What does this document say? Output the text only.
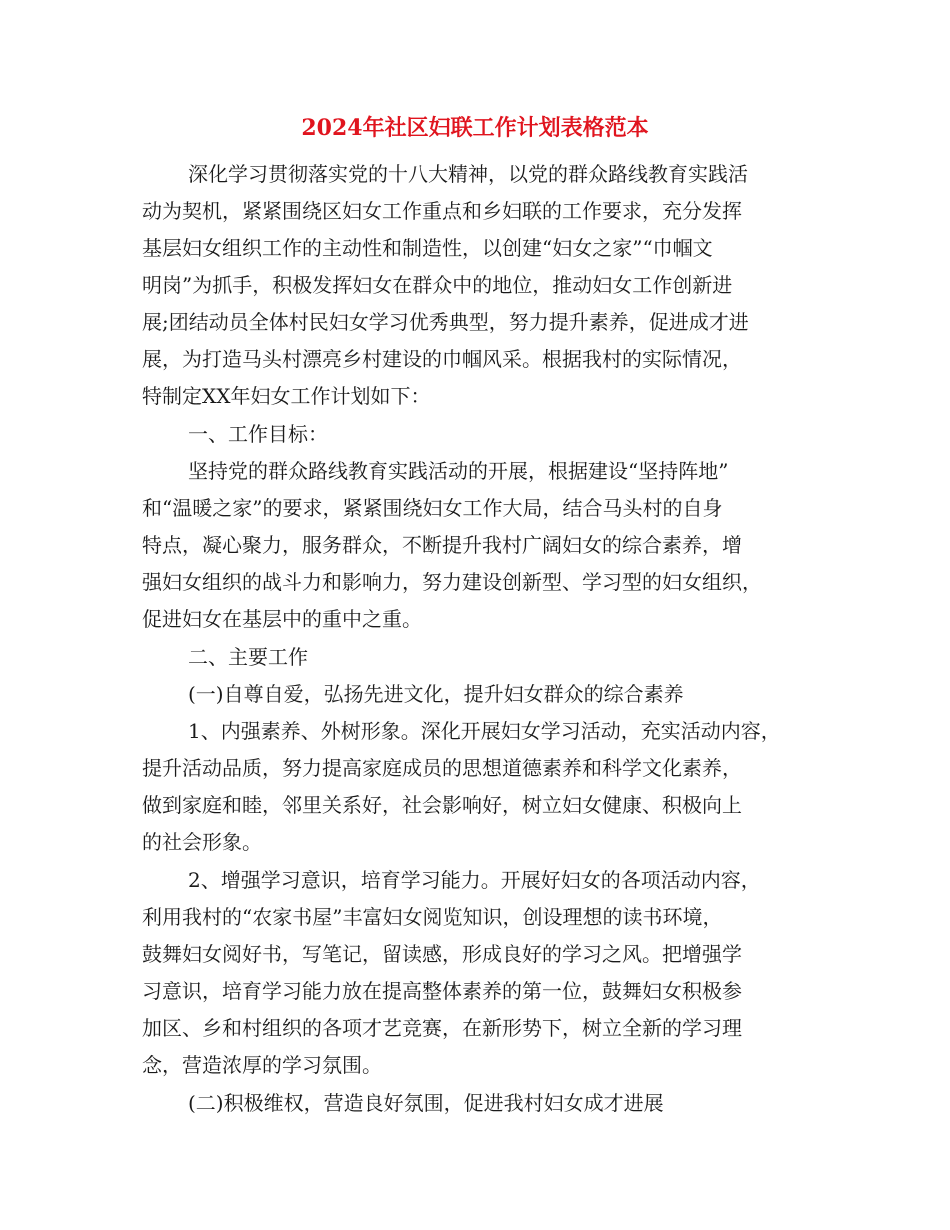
2024年社区妇联工作计划表格范本
深化学习贯彻落实党的十八大精神，以党的群众路线教育实践活
动为契机，紧紧围绕区妇女工作重点和乡妇联的工作要求，充分发挥
基层妇女组织工作的主动性和制造性，以创建“妇女之家”“巾帼文
明岗”为抓手，积极发挥妇女在群众中的地位，推动妇女工作创新进
展;团结动员全体村民妇女学习优秀典型，努力提升素养，促进成才进
展，为打造马头村漂亮乡村建设的巾帼风采。根据我村的实际情况，
特制定XX年妇女工作计划如下：
一、工作目标：
坚持党的群众路线教育实践活动的开展，根据建设“坚持阵地”
和“温暖之家”的要求，紧紧围绕妇女工作大局，结合马头村的自身
特点，凝心聚力，服务群众，不断提升我村广阔妇女的综合素养，增
强妇女组织的战斗力和影响力，努力建设创新型、学习型的妇女组织，
促进妇女在基层中的重中之重。
二、主要工作
(一)自尊自爱，弘扬先进文化，提升妇女群众的综合素养
1、内强素养、外树形象。深化开展妇女学习活动，充实活动内容，
提升活动品质，努力提高家庭成员的思想道德素养和科学文化素养，
做到家庭和睦，邻里关系好，社会影响好，树立妇女健康、积极向上
的社会形象。
2、增强学习意识，培育学习能力。开展好妇女的各项活动内容，
利用我村的“农家书屋”丰富妇女阅览知识，创设理想的读书环境，
鼓舞妇女阅好书，写笔记，留读感，形成良好的学习之风。把增强学
习意识，培育学习能力放在提高整体素养的第一位，鼓舞妇女积极参
加区、乡和村组织的各项才艺竞赛，在新形势下，树立全新的学习理
念，营造浓厚的学习氛围。
(二)积极维权，营造良好氛围，促进我村妇女成才进展
